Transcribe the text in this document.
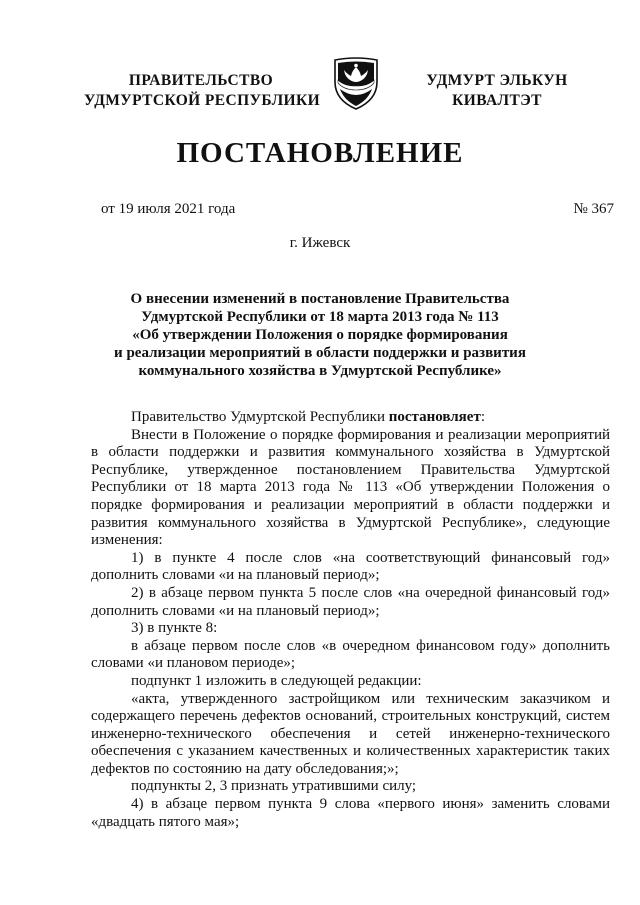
ПРАВИТЕЛЬСТВО
УДМУРТСКОЙ РЕСПУБЛИКИ
УДМУРТ ЭЛЬКУН
КИВАЛТЭТ
ПОСТАНОВЛЕНИЕ
от 19 июля 2021 года	№ 367
г. Ижевск
О внесении изменений в постановление Правительства
Удмуртской Республики от 18 марта 2013 года № 113
«Об утверждении Положения о порядке формирования
и реализации мероприятий в области поддержки и развития
коммунального хозяйства в Удмуртской Республике»

Правительство Удмуртской Республики постановляет:

Внести в Положение о порядке формирования и реализации мероприятий в области поддержки и развития коммунального хозяйства в Удмуртской Республике, утвержденное постановлением Правительства Удмуртской Республики от 18 марта 2013 года № 113 «Об утверждении Положения о порядке формирования и реализации мероприятий в области поддержки и развития коммунального хозяйства в Удмуртской Республике», следующие изменения:

1) в пункте 4 после слов «на соответствующий финансовый год» дополнить словами «и на плановый период»;

2) в абзаце первом пункта 5 после слов «на очередной финансовый год» дополнить словами «и на плановый период»;

3) в пункте 8:

в абзаце первом после слов «в очередном финансовом году» дополнить словами «и плановом периоде»;

подпункт 1 изложить в следующей редакции:

«акта, утвержденного застройщиком или техническим заказчиком и содержащего перечень дефектов оснований, строительных конструкций, систем инженерно-технического обеспечения и сетей инженерно-технического обеспечения с указанием качественных и количественных характеристик таких дефектов по состоянию на дату обследования;»;

подпункты 2, 3 признать утратившими силу;

4) в абзаце первом пункта 9 слова «первого июня» заменить словами «двадцать пятого мая»;
